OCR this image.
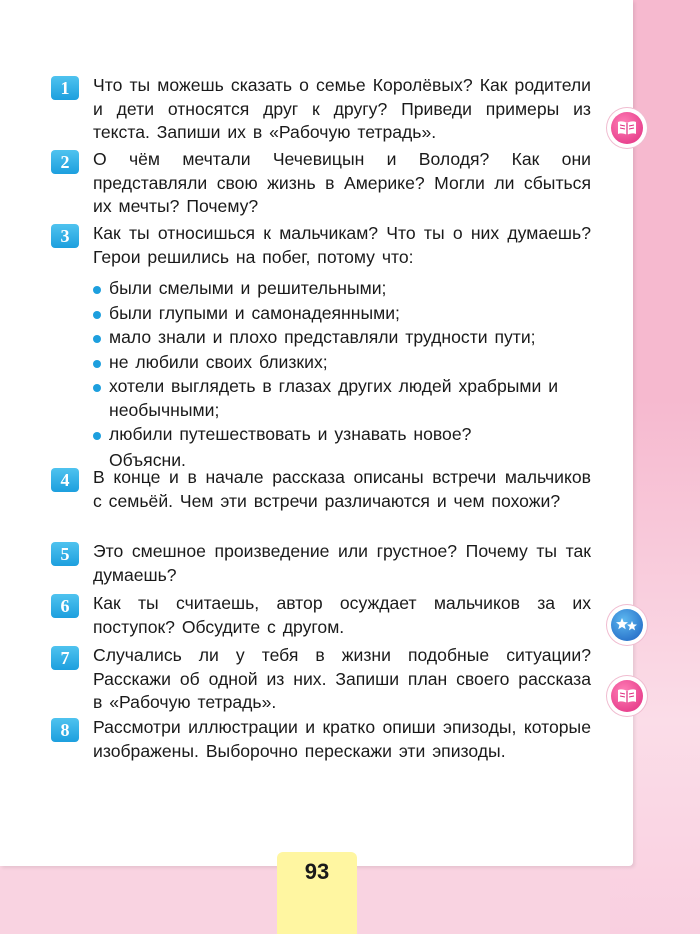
1	Что ты можешь сказать о семье Королёвых? Как родители и дети относятся друг к другу? Приведи примеры из текста. Запиши их в «Рабочую тетрадь».
2	О чём мечтали Чечевицын и Володя? Как они представляли свою жизнь в Америке? Могли ли сбыться их мечты? Почему?
3	Как ты относишься к мальчикам? Что ты о них думаешь? Герои решились на побег, потому что:
были смелыми и решительными;
были глупыми и самонадеянными;
мало знали и плохо представляли трудности пути;
не любили своих близких;
хотели выглядеть в глазах других людей храбрыми и необычными;
любили путешествовать и узнавать новое?
Объясни.
4	В конце и в начале рассказа описаны встречи мальчиков с семьёй. Чем эти встречи различаются и чем похожи?
5	Это смешное произведение или грустное? Почему ты так думаешь?
6	Как ты считаешь, автор осуждает мальчиков за их поступок? Обсудите с другом.
7	Случались ли у тебя в жизни подобные ситуации? Расскажи об одной из них. Запиши план своего рассказа в «Рабочую тетрадь».
8	Рассмотри иллюстрации и кратко опиши эпизоды, которые изображены. Выборочно перескажи эти эпизоды.
93
